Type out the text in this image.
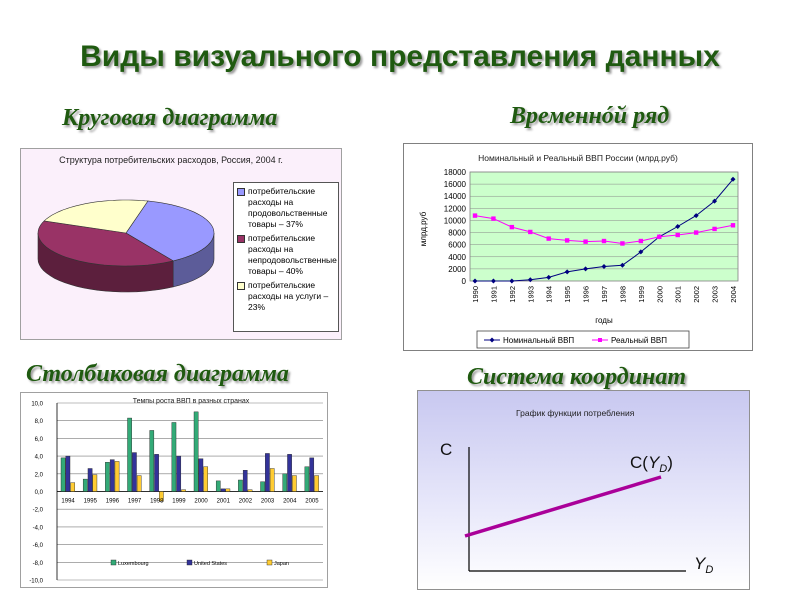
Виды визуального представления данных
Круговая диаграмма	Временнóй ряд
Столбиковая диаграмма	Система координат
Структура потребительских расходов, Россия, 2004 г.
потребительские расходы на продовольственные товары – 37%
потребительские расходы на непродовольственные товары – 40%
потребительские расходы на услуги – 23%
Номинальный и Реальный ВВП России (млрд.руб)
0
2000
4000
6000
8000
10000
12000
14000
16000
18000
1990 1991 1992 1993 1994 1995 1996 1997 1998 1999 2000 2001 2002 2003 2004
млрд.руб
годы
Номинальный ВВП	Реальный ВВП
10,0
8,0
6,0
4,0
2,0
0,0
-2,0
-4,0
-6,0
-8,0
-10,0
Темпы роста ВВП в разных странах
1994 1995 1996 1997 1998 1999 2000 2001 2002 2003 2004 2005
Luxembourg	United States	Japan
График функции потребления
C
$Y_D$
$C(Y_D)$
